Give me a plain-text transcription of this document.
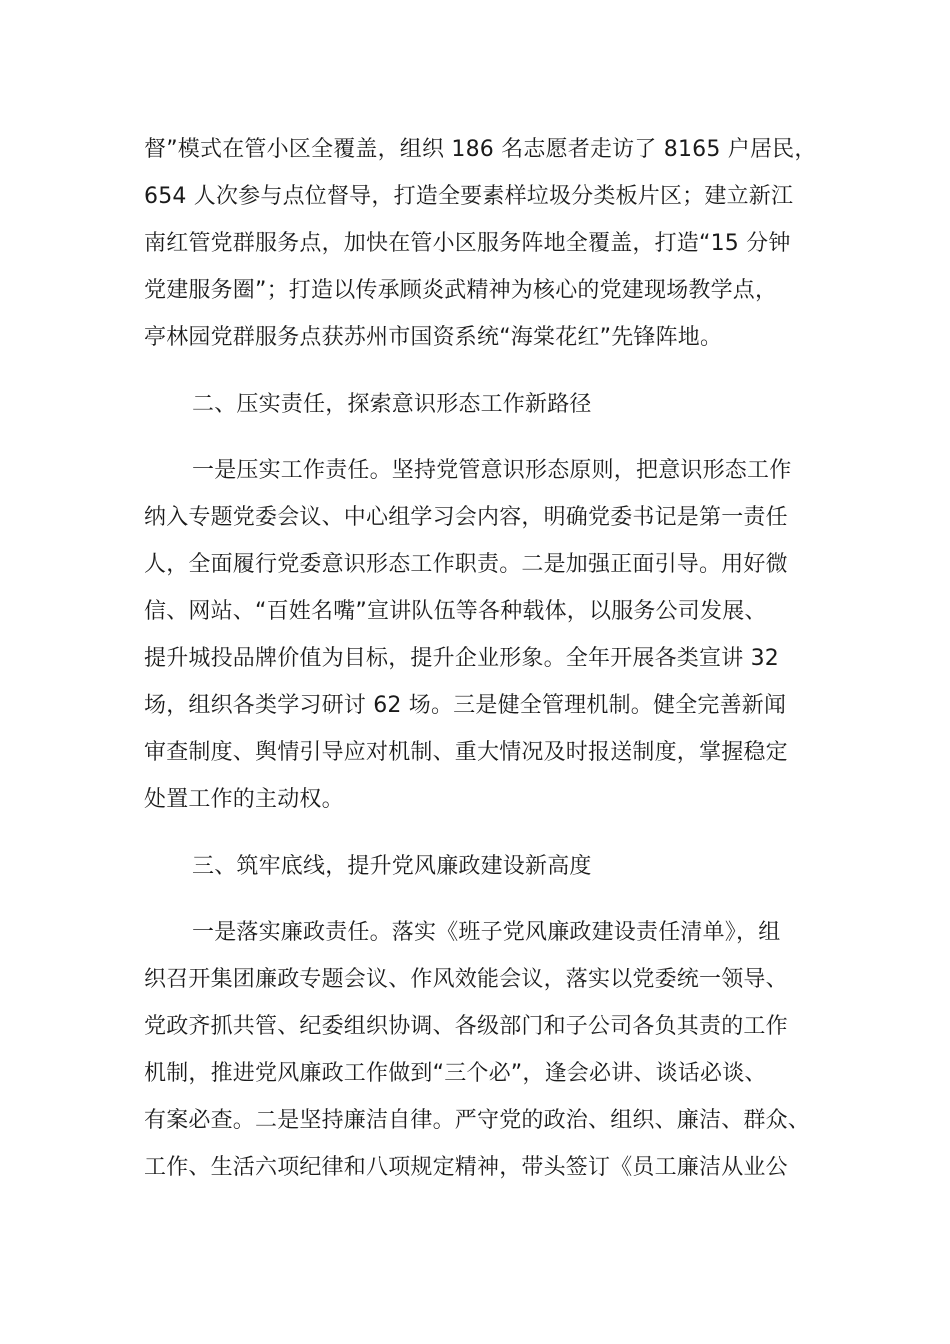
督”模式在管小区全覆盖，组织 186 名志愿者走访了 8165 户居民，
654 人次参与点位督导，打造全要素样垃圾分类板片区；建立新江
南红管党群服务点，加快在管小区服务阵地全覆盖，打造“15 分钟
党建服务圈”；打造以传承顾炎武精神为核心的党建现场教学点，
亭林园党群服务点获苏州市国资系统“海棠花红”先锋阵地。
二、压实责任，探索意识形态工作新路径
一是压实工作责任。坚持党管意识形态原则，把意识形态工作
纳入专题党委会议、中心组学习会内容，明确党委书记是第一责任
人，全面履行党委意识形态工作职责。二是加强正面引导。用好微
信、网站、“百姓名嘴”宣讲队伍等各种载体，以服务公司发展、
提升城投品牌价值为目标，提升企业形象。全年开展各类宣讲 32
场，组织各类学习研讨 62 场。三是健全管理机制。健全完善新闻
审查制度、舆情引导应对机制、重大情况及时报送制度，掌握稳定
处置工作的主动权。
三、筑牢底线，提升党风廉政建设新高度
一是落实廉政责任。落实《班子党风廉政建设责任清单》，组
织召开集团廉政专题会议、作风效能会议，落实以党委统一领导、
党政齐抓共管、纪委组织协调、各级部门和子公司各负其责的工作
机制，推进党风廉政工作做到“三个必”，逢会必讲、谈话必谈、
有案必查。二是坚持廉洁自律。严守党的政治、组织、廉洁、群众、
工作、生活六项纪律和八项规定精神，带头签订《员工廉洁从业公
